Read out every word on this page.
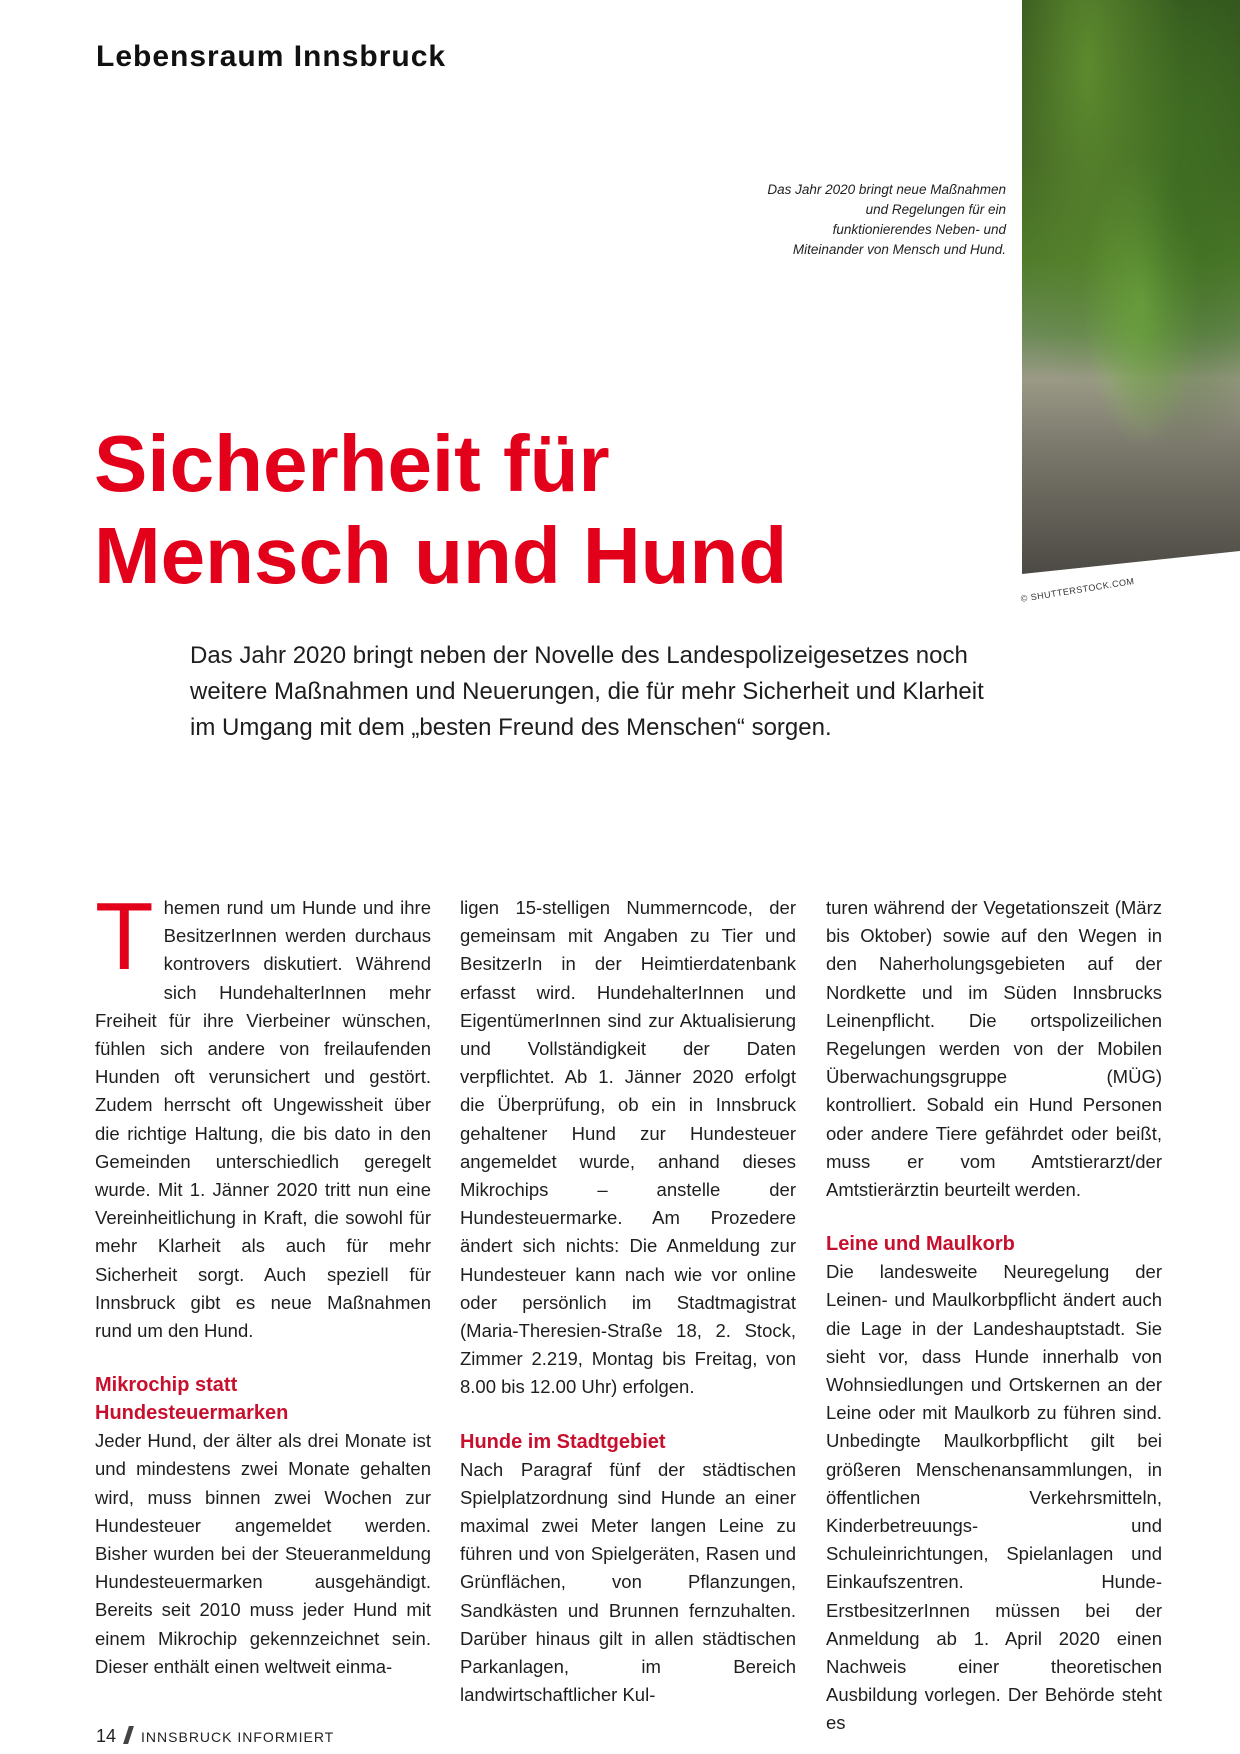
Lebensraum Innsbruck
© SHUTTERSTOCK.COM
Das Jahr 2020 bringt neue Maßnahmen und Regelungen für ein funktionierendes Neben- und Miteinander von Mensch und Hund.
Sicherheit für
Mensch und Hund

Das Jahr 2020 bringt neben der Novelle des Landespolizeigesetzes noch weitere Maßnahmen und Neuerungen, die für mehr Sicherheit und Klarheit im Umgang mit dem „besten Freund des Menschen“ sorgen.

Themen rund um Hunde und ihre BesitzerInnen werden durchaus kontrovers diskutiert. Während sich HundehalterInnen mehr Freiheit für ihre Vierbeiner wünschen, fühlen sich andere von freilaufenden Hunden oft verunsichert und gestört. Zudem herrscht oft Ungewissheit über die richtige Haltung, die bis dato in den Gemeinden unterschiedlich geregelt wurde. Mit 1. Jänner 2020 tritt nun eine Vereinheitlichung in Kraft, die sowohl für mehr Klarheit als auch für mehr Sicherheit sorgt. Auch speziell für Innsbruck gibt es neue Maßnahmen rund um den Hund.

Mikrochip statt
Hundesteuermarken

Jeder Hund, der älter als drei Monate ist und mindestens zwei Monate gehalten wird, muss binnen zwei Wochen zur Hundesteuer angemeldet werden. Bisher wurden bei der Steueranmeldung Hundesteuermarken ausgehändigt. Bereits seit 2010 muss jeder Hund mit einem Mikrochip gekennzeichnet sein. Dieser enthält einen weltweit einma-

ligen 15-stelligen Nummerncode, der gemeinsam mit Angaben zu Tier und BesitzerIn in der Heimtierdatenbank erfasst wird. HundehalterInnen und EigentümerInnen sind zur Aktualisierung und Vollständigkeit der Daten verpflichtet. Ab 1. Jänner 2020 erfolgt die Überprüfung, ob ein in Innsbruck gehaltener Hund zur Hundesteuer angemeldet wurde, anhand dieses Mikrochips – anstelle der Hundesteuermarke. Am Prozedere ändert sich nichts: Die Anmeldung zur Hundesteuer kann nach wie vor online oder persönlich im Stadtmagistrat (Maria-Theresien-Straße 18, 2. Stock, Zimmer 2.219, Montag bis Freitag, von 8.00 bis 12.00 Uhr) erfolgen.

Hunde im Stadtgebiet

Nach Paragraf fünf der städtischen Spielplatzordnung sind Hunde an einer maximal zwei Meter langen Leine zu führen und von Spielgeräten, Rasen und Grünflächen, von Pflanzungen, Sandkästen und Brunnen fernzuhalten. Darüber hinaus gilt in allen städtischen Parkanlagen, im Bereich landwirtschaftlicher Kul-

turen während der Vegetationszeit (März bis Oktober) sowie auf den Wegen in den Naherholungsgebieten auf der Nordkette und im Süden Innsbrucks Leinenpflicht. Die ortspolizeilichen Regelungen werden von der Mobilen Überwachungsgruppe (MÜG) kontrolliert. Sobald ein Hund Personen oder andere Tiere gefährdet oder beißt, muss er vom Amtstierarzt/der Amtstierärztin beurteilt werden.

Leine und Maulkorb

Die landesweite Neuregelung der Leinen- und Maulkorbpflicht ändert auch die Lage in der Landeshauptstadt. Sie sieht vor, dass Hunde innerhalb von Wohnsiedlungen und Ortskernen an der Leine oder mit Maulkorb zu führen sind. Unbedingte Maulkorbpflicht gilt bei größeren Menschenansammlungen, in öffentlichen Verkehrsmitteln, Kinderbetreuungs- und Schuleinrichtungen, Spielanlagen und Einkaufszentren. Hunde-ErstbesitzerInnen müssen bei der Anmeldung ab 1. April 2020 einen Nachweis einer theoretischen Ausbildung vorlegen. Der Behörde steht es

14 INNSBRUCK INFORMIERT
